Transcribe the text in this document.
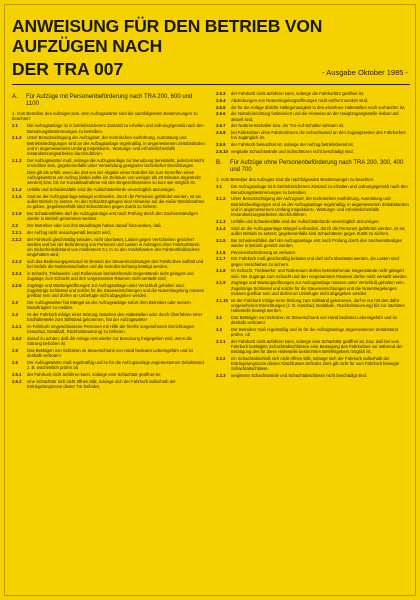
ANWEISUNG FÜR DEN BETRIEB VON AUFZÜGEN NACH
DER TRA 007	- Ausgabe Oktober 1985 -
A.	Für Aufzüge mit Personenbeförderung nach TRA 200, 600 und 1100
1. Vom Betreiber des Aufzuges bzw. dem Aufzugswärter sind die nachfolgenden Bestimmungen zu beachten:
2.1	Die Aufzugsanlage ist in betriebssicherem Zustand zu erhalten und ordnungsgemäß nach den Benutzungsbestimmungen zu betreiben.
2.1.2	Unter Berücksichtigung der Aufzugsart, der technischen Ausführung, Ausrüstung und Betriebsbedingungen sind an der Aufzugsanlage regelmäßig, in angemessenen Zeitabständen und in angemessenem Umfang Inspektions-, Wartungs- und erforderlichenfalls Instandsetzungsarbeiten durchzuführen.
2.1.3	Der Aufzugswärter muß, solange die Aufzugsanlage zur Benutzung bereitsteht, jederzeit leicht erreichbar sein, gegebenenfalls unter Verwendung geeigneter technischer Einrichtungen.
Dies gilt als erfüllt, wenn die Zeit von der Abgabe eines Notrufes bis zum Eintreffen eines Aufzugswärters am Aufzug (dabei sollte ein Zeitraum von weniger als 20 Minuten angestrebt werden) bzw. bis zur Kontaktaufnahme mit den Eingeschlossenen so kurz wie möglich ist.
2.1.4	Unfälle und Schadensfälle sind der Aufsichtsbehörde unverzüglich anzuzeigen.
2.1.5	Sind an der Aufzugsanlage Mängel vorhanden, durch die Personen gefährdet werden, ist sie außer Betrieb zu setzen. An den Schachtzugängen sind Hinweise auf die Außer-Betriebnahme zu geben, gegebenenfalls sind Schachttüren gegen Zutritt zu sichern.
2.1.6	Bei Schadensfällen darf die Aufzugsanlage erst nach Prüfung durch den Sachverständigen wieder in Betrieb genommen werden.
2.2	Der Betreiber oder von ihm Beauftragte haben darauf hinzuwirken, daß
2.2.1	der Aufzug nicht unsachgemäß benutzt wird,
2.2.2	der Fahrkorb gleichmäßig beladen, nicht überlastet, Lasten gegen Verschieben gesichert werden und bei der Beförderung von Personen und Lasten in Aufzügen ohne Fahrkorbtüren ein Sicherheitsabstand von mindestens 0,1 m zu den Vorderkanten des Fahrkorbfußbodens eingehalten wird,
2.2.3	sich das Bedienungspersonal im Bereich der Steuereinrichtungen des Fahrkorbes aufhält und bei Gefahr die Notbremsschalter und die Notrufeinrichtung betätigt werden,
2.2.4	in Schacht, Triebwerks- und Rollenraum betriebsfremde Gegenstände nicht gelagert und Zugänge zum Schacht und den vorgenannten Räumen nicht verstellt sind,
2.2.5	Zugänge und Wartungsöffnungen zur Aufzugsanlage unter Verschluß gehalten sind. Zugehörige Schlüssel und solche für die Steuereinrichtungen und die Notentriegelung müssen greifbar sein und dürfen an Unbefugte nicht abgegeben werden.
2.3	Der Aufzugswärter hat Mängel an der Aufzugsanlage sofort dem Betreiber oder seinem Beauftragten zu melden.
2.4	Ist der Fahrkorb infolge einer Störung zwischen den Haltestellen oder durch Überfahren einer Endhaltestelle zum Stillstand gekommen, hat der Aufzugswärter
2.4.1	im Fahrkorb eingeschlossene Personen mit Hilfe der hierfür vorgesehenen Einrichtungen (Handrad, Notablaß, Rückholsteuerung) zu befreien.
2.4.2	darauf zu achten, daß die Anlage erst wieder zur Benutzung freigegeben wird, wenn die Störung behoben ist.
2.5	Das Betätigen von Schützen im Steuerschrank von Hand bedeutet Lebensgefahr und ist deshalb verboten!
2.6	Der Aufzugswärter muß regelmäßig und im für die Aufzugsanlage angemessenen Zeitabstand z. B. wöchentlich prüfen ob
2.6.1	der Fahrkorb nicht anfahren kann, solange eine Schachttür geöffnet ist,
2.6.2	eine Schachttür sich nicht öffnen läßt, solange sich der Fahrkorb außerhalb der Entriegelungszone dieser Tür befindet,
2.6.3	der Fahrkorb nicht anfahren kann, solange die Fahrkorbtür geöffnet ist,
2.6.4	Abdeckungen von Notentriegelungsöffnungen nicht entfernt worden sind,
2.6.5	die für die Anlage übliche Haltegenauigkeit in den einzelnen Haltestellen noch vorhanden ist,
2.6.6	die Notrufeinrichtung funktioniert und die Hinweise an der Hauptzugangsstelle lesbar und aktuell sind,
2.6.7	der Notbremsschalter bzw. der Tür-Auf-Schalter wirksam ist,
2.6.8	bei Fahrkörben ohne Fahrkorbtüren die Schachtwand an den Zugangsseiten des Fahrkorbes frei zugänglich ist,
2.6.9	der Fahrkorb beleuchtet ist, solange der Aufzug betriebsbereit ist,
2.6.10 vergitalte Schachtwände und Schachttüren nicht beschädigt sind.
B.	Für Aufzüge ohne Personenbeförderung nach TRA 200, 300, 400 und 700
3. Vom Betreiber des Aufzuges sind die nachfolgenden Bestimmungen zu beachten:
3.1	Die Aufzugsanlage ist in betriebssicherem Zustand zu erhalten und ordnungsgemäß nach den Benutzungsbestimmungen zu betreiben.
3.1.2	Unter Berücksichtigung der Aufzugsart, der technischen Ausführung, Ausrüstung und Betriebsbedingungen sind an der Aufzugsanlage regelmäßig, in angemessenen Zeitabständen und in angemessenem Umfang Inspektions-, Wartungs- und erforderlichenfalls Instandsetzungsarbeiten durchzuführen.
3.1.3	Unfälle und Schadensfälle sind der Aufsichtsbehörde unverzüglich anzuzeigen.
3.1.4	Sind an der Aufzugsanlage Mängel vorhanden, durch die Personen gefährdet werden, ist sie außer Betrieb zu setzen; gegebenenfalls sind Schachttüren gegen Zutritt zu sichern.
3.1.5	Bei Schadensfällen darf der Aufzugsanlage erst nach Prüfung durch den Sachverständigen wieder in Betrieb gesetzt werden.
3.1.6	Personenbeförderung ist verboten.
3.1.7	Der Fahrkorb muß gleichmäßig belastet und darf nicht überlastet werden, die Lasten sind gegen Verschieben zu sichern.
3.1.8	Im Schacht, Triebwerks- und Rollenraum dürfen betriebsfremde Gegenstände nicht gelagert sein. Die Zugänge zum Schacht und den vorgenannten Räumen dürfen nicht verstellt werden.
3.1.9	Zugänge und Wartungsöffnungen zur Aufzugsanlage müssen unter Verschluß gehalten sein. Zugehörige Schlüssel und solche für die Steuereinrichtungen und die Notentriegelungen müssen greifbar sein und dürfen an Unbefugte nicht abgegeben werden.
3.1.10 Ist der Fahrkorb infolge einer Störung zum Stillstand gekommen, darf er nur mit den dafür vorgesehenen Einrichtungen (z. B. Handrad, Notablaß-, Rückholsteuerung) bis zur nächsten Haltestelle bewegt werden.
3.2	Das Betätigen von Schützen im Steuerschrank von Hand bedeutet Lebensgefahr und ist deshalb verboten!
3.3	Der Betreiber muß regelmäßig und im für die Aufzugsanlage angemessenen Zeitabstand prüfen, ob
3.3.1	der Fahrkorb nicht anfahren kann, solange eine Schachttür geöffnet ist, bzw. daß bei vom Fahrkorb betätigten Schachttabschlüssen eine Bewegung des Fahrkorbes nur während der Betätigung des für diese Haltestelle bestimmten Befehlsgebers möglich ist,
3.3.2	ein Schachtabschluß sich nicht öffnen läßt, solange sich der Fahrkorb außerhalb der Entriegelungszone dieses Abschlusses befindet. Dies gilt nicht für vom Fahrkorb bewegte Schachtabschlüsse.
3.3.3	vergitterte Schachtwände und Schachtabschlüsse nicht beschädigt sind.
